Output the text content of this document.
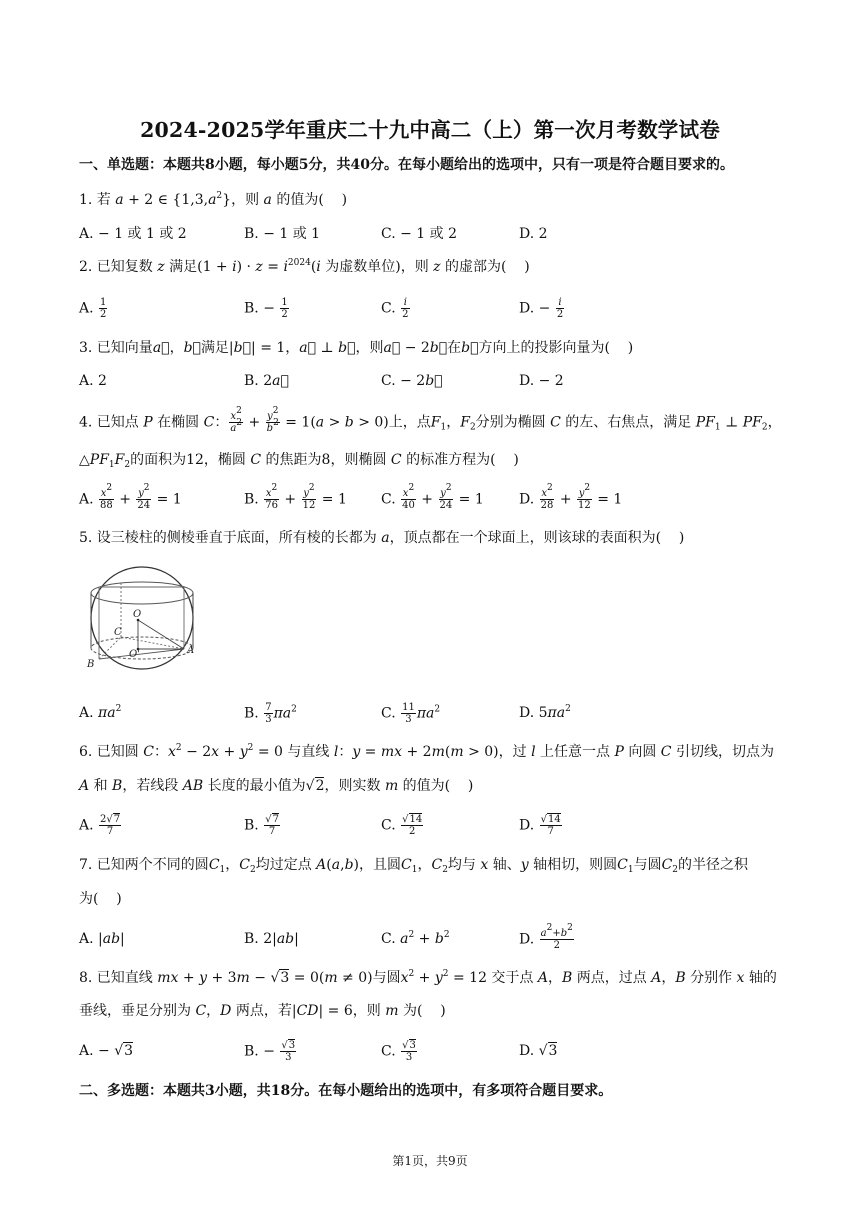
2024-2025学年重庆二十九中高二（上）第一次月考数学试卷
一、单选题：本题共8小题，每小题5分，共40分。在每小题给出的选项中，只有一项是符合题目要求的。
1. 若 a + 2 ∈ $\{1,3,a^2\}$，则 a 的值为(    )
A. − 1 或 1 或 2	B. − 1 或 1	C. − 1 或 2	D. 2
2. 已知复数 z 满足$(1 + i) \cdot z = i^{2024}(i$ 为虚数单位)，则 z 的虚部为(    )
A. $\frac{1}{2}$	B. − $\frac{1}{2}$	C. $\frac{i}{2}$	D. − $\frac{i}{2}$
3. 已知向量a⃗，b⃗满足|b⃗| = 1，a⃗ ⊥ b⃗，则a⃗ − 2b⃗在b⃗方向上的投影向量为(    )
A. 2	B. 2a⃗	C. − 2b⃗	D. − 2
4. 已知点 P 在椭圆 C： $\frac{x^2}{a^2} + \frac{y^2}{b^2} = 1(a > b > 0)$上，点$F_1$，$F_2$分别为椭圆 C 的左、右焦点，满足 $PF_1$ ⊥ $PF_2$，
$\triangle PF_1F_2$的面积为12，椭圆 C 的焦距为8，则椭圆 C 的标准方程为(    )
A. $\frac{x^2}{88} + \frac{y^2}{24} = 1$	B. $\frac{x^2}{76} + \frac{y^2}{12} = 1$ C. $\frac{x^2}{40} + \frac{y^2}{24} = 1$	D. $\frac{x^2}{28} + \frac{y^2}{12} = 1$
5. 设三棱柱的侧棱垂直于底面，所有棱的长都为 a，顶点都在一个球面上，则该球的表面积为(    )
O
C
O'
B
A
A. $\pi a^2$	B. $\frac{7}{3} \pi a^2$	C. $\frac{11}{3} \pi a^2$	D. $5\pi a^2$
6. 已知圆 C：$x^2 - 2x + y^2 = 0$ 与直线 l：y = mx + 2m(m > 0)，过 l 上任意一点 P 向圆 C 引切线，切点为
A 和 B，若线段 AB 长度的最小值为√2，则实数 m 的值为(    )
A. $\frac{2√7}{7}$	B. $\frac{√7}{7}$	C. $\frac{√14}{2}$	D. $\frac{√14}{7}$
7. 已知两个不同的圆$C_1$，$C_2$均过定点 A(a,b)，且圆$C_1$，$C_2$均与 x 轴、y 轴相切，则圆$C_1$与圆$C_2$的半径之积
为(    )
A. |ab|	B. 2|ab|	C. $a^2 + b^2$	D. $\frac{a^2+b^2}{2}$
8. 已知直线 mx + y + 3m − √3 = 0(m ≠ 0)与圆$x^2 + y^2 = 12$ 交于点 A，B 两点，过点 A，B 分别作 x 轴的
垂线，垂足分别为 C，D 两点，若|CD| = 6，则 m 为(    )
A. − √3	B. − $\frac{√3}{3}$	C. $\frac{√3}{3}$	D. √3
二、多选题：本题共3小题，共18分。在每小题给出的选项中，有多项符合题目要求。
第1页，共9页
